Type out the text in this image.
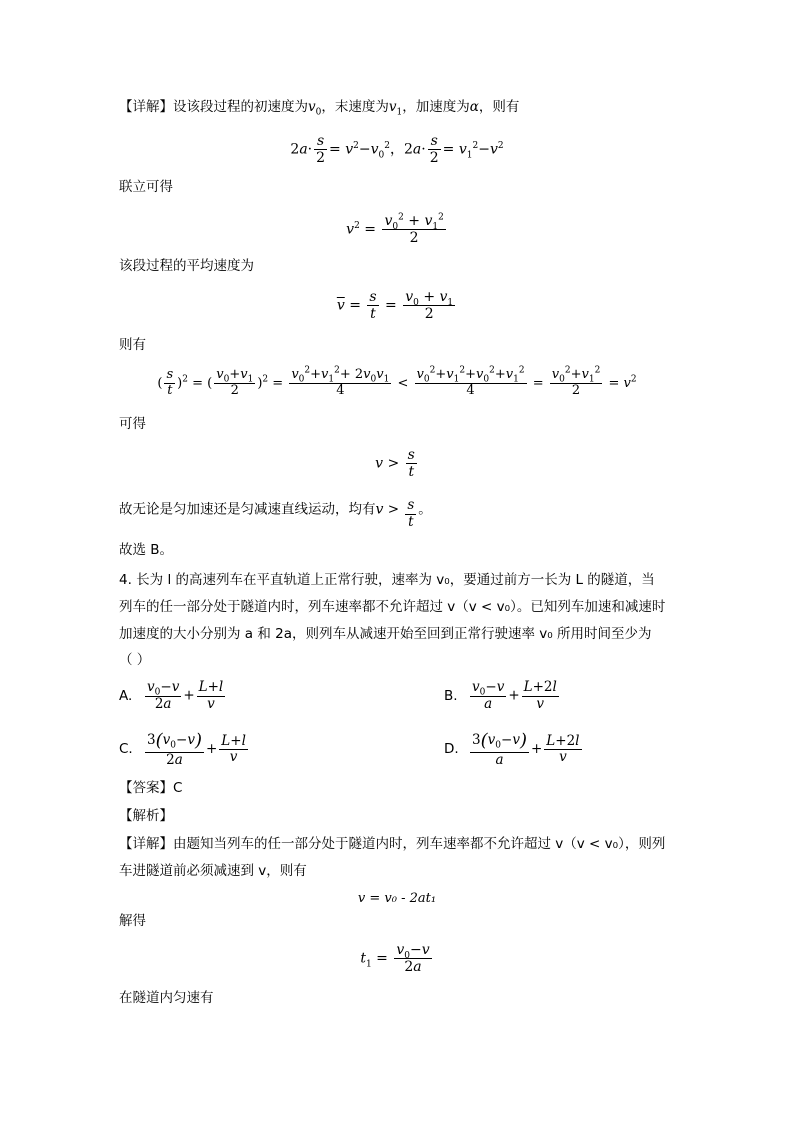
【详解】设该段过程的初速度为$v_0$，末速度为$v_1$，加速度为α，则有
$2a\cdot \frac{s}{2} = v^2-v_0^2$，$2a\cdot \frac{s}{2} = v_1^2-v^2$
联立可得
$v^2 = \frac{v_0^2 + v_1^2}{2}$
该段过程的平均速度为
$\overline{v} = \frac{s}{t} = \frac{v_0 + v_1}{2}$
则有
( $\frac{s}{t} )^2$ = ( $\frac{v_0+v_1}{2} )^2 = \frac{v_0^2+v_1^2+ 2v_0v_1}{4} < \frac{v_0^2+v_1^2+v_0^2+v_1^2}{4} = \frac{v_0^2+v_1^2}{2} = v^2$
可得
$v > \frac{s}{t}$
故无论是匀加速还是匀减速直线运动，均有$v > \frac{s}{t}$ 。
故选 B。
4. 长为 l 的高速列车在平直轨道上正常行驶，速率为 v₀，要通过前方一长为 L 的隧道，当
列车的任一部分处于隧道内时，列车速率都不允许超过 v（v < v₀）。已知列车加速和减速时
加速度的大小分别为 a 和 2a，则列车从减速开始至回到正常行驶速率 v₀ 所用时间至少为
（ ）
A. $\frac{v_0-v}{2a} + \frac{L+l}{v}$	B. $\frac{v_0-v}{a} + \frac{L+2l}{v}$
C. $\frac{3(v_0-v)}{2a} + \frac{L+l}{v}$	D. $\frac{3(v_0-v)}{a} + \frac{L+2l}{v}$
【答案】C
【解析】
【详解】由题知当列车的任一部分处于隧道内时，列车速率都不允许超过 v（v < v₀），则列
车进隧道前必须减速到 v，则有
v = v₀ - 2at₁
解得
$t_1 = \frac{v_0-v}{2a}$
在隧道内匀速有
